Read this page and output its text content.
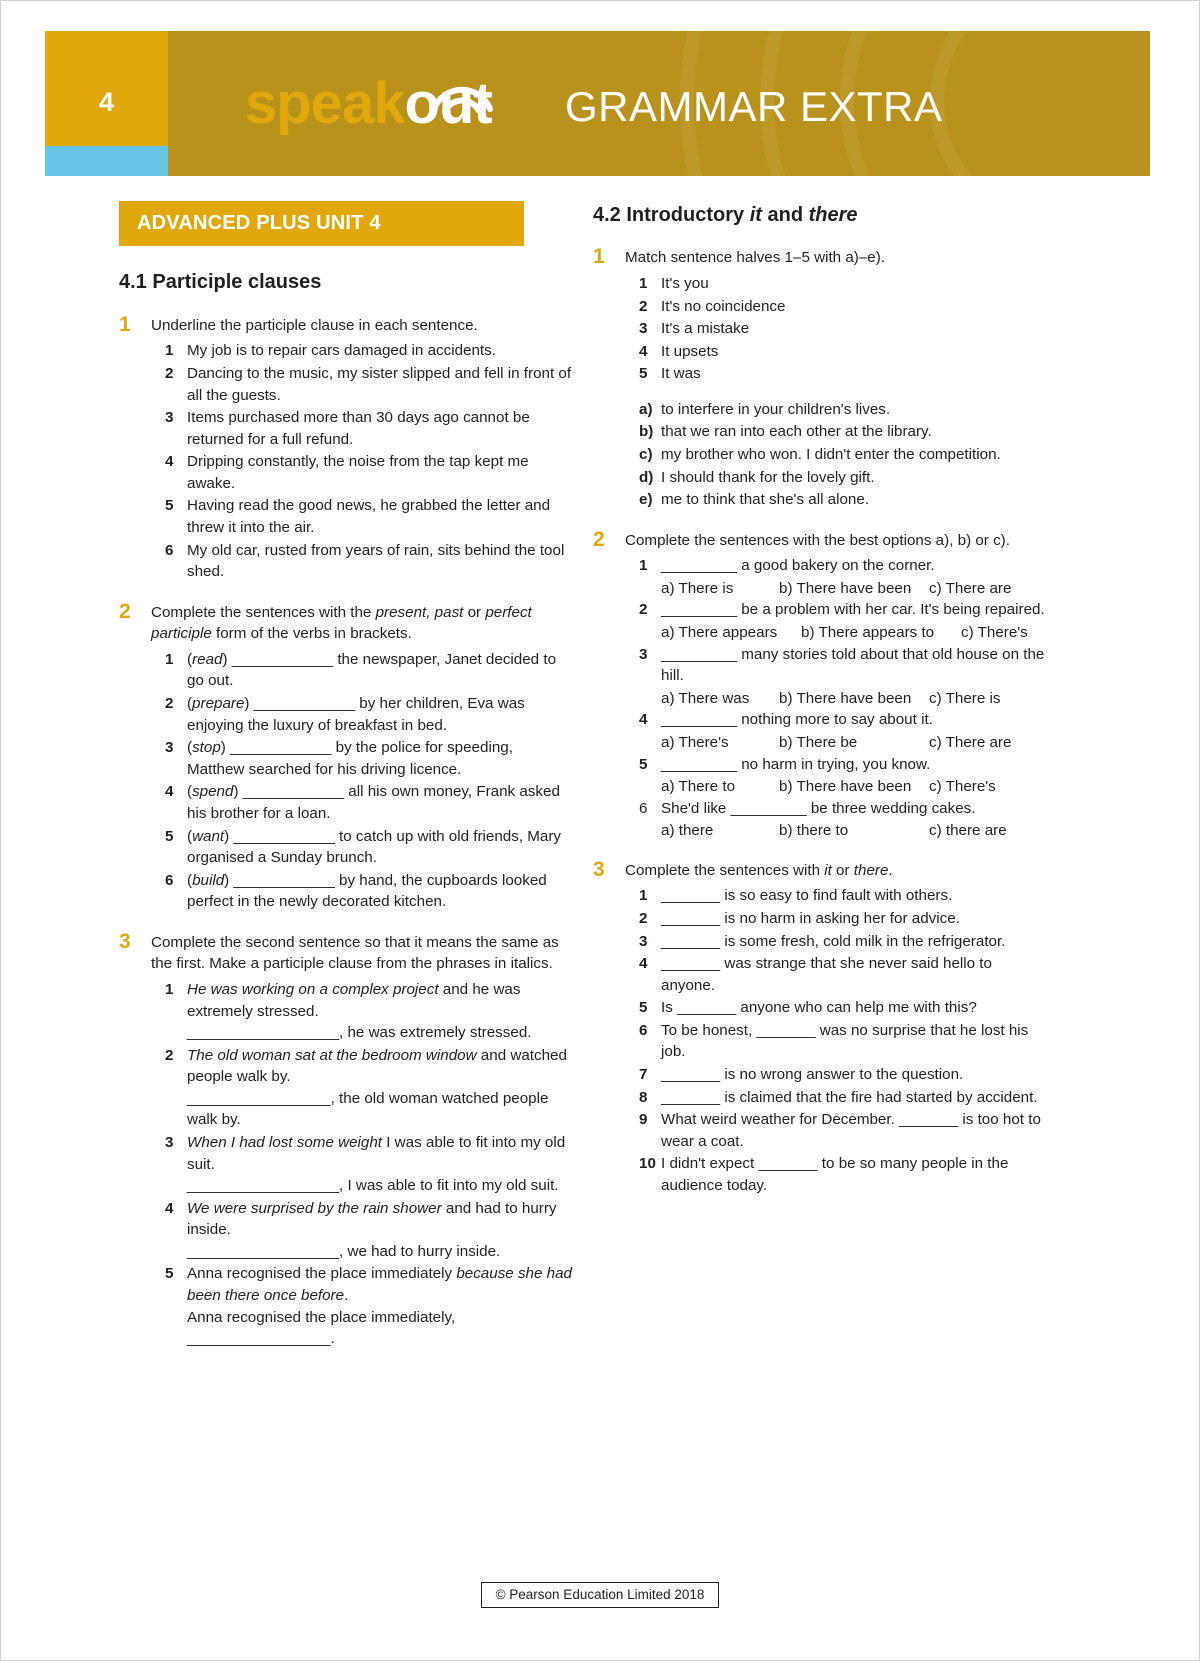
4	speakout GRAMMAR EXTRA
ADVANCED PLUS UNIT 4
4.1 Participle clauses
1	Underline the participle clause in each sentence.
1 My job is to repair cars damaged in accidents.
2 Dancing to the music, my sister slipped and fell in front of all the guests.
3 Items purchased more than 30 days ago cannot be returned for a full refund.
4 Dripping constantly, the noise from the tap kept me awake.
5 Having read the good news, he grabbed the letter and threw it into the air.
6 My old car, rusted from years of rain, sits behind the tool shed.
2	Complete the sentences with the present, past or perfect participle form of the verbs in brackets.
1 (read) ____________ the newspaper, Janet decided to go out.
2 (prepare) ____________ by her children, Eva was enjoying the luxury of breakfast in bed.
3 (stop) ____________ by the police for speeding, Matthew searched for his driving licence.
4 (spend) ____________ all his own money, Frank asked his brother for a loan.
5 (want) ____________ to catch up with old friends, Mary organised a Sunday brunch.
6 (build) ____________ by hand, the cupboards looked perfect in the newly decorated kitchen.
3	Complete the second sentence so that it means the same as the first. Make a participle clause from the phrases in italics.
1 He was working on a complex project and he was extremely stressed.
__________________, he was extremely stressed.
2 The old woman sat at the bedroom window and watched people walk by.
_________________, the old woman watched people walk by.
3 When I had lost some weight I was able to fit into my old suit.
__________________, I was able to fit into my old suit.
4 We were surprised by the rain shower and had to hurry inside.
__________________, we had to hurry inside.
5 Anna recognised the place immediately because she had been there once before.
Anna recognised the place immediately, _________________.
4.2 Introductory it and there
1	Match sentence halves 1–5 with a)–e).
1 It's you
2 It's no coincidence
3 It's a mistake
4 It upsets
5 It was
a) to interfere in your children's lives.
b) that we ran into each other at the library.
c) my brother who won. I didn't enter the competition.
d) I should thank for the lovely gift.
e) me to think that she's all alone.
2	Complete the sentences with the best options a), b) or c).
1 _________ a good bakery on the corner.
a) There is	b) There have been	c) There are
2 _________ be a problem with her car. It's being repaired.
a) There appears	b) There appears to	c) There's
3 _________ many stories told about that old house on the hill.
a) There was	b) There have been	c) There is
4 _________ nothing more to say about it.
a) There's	b) There be	c) There are
5 _________ no harm in trying, you know.
a) There to	b) There have been	c) There's
6 She'd like _________ be three wedding cakes.
a) there	b) there to	c) there are
3	Complete the sentences with it or there.
1 _______ is so easy to find fault with others.
2 _______ is no harm in asking her for advice.
3 _______ is some fresh, cold milk in the refrigerator.
4 _______ was strange that she never said hello to anyone.
5 Is _______ anyone who can help me with this?
6 To be honest, _______ was no surprise that he lost his job.
7 _______ is no wrong answer to the question.
8 _______ is claimed that the fire had started by accident.
9 What weird weather for December. _______ is too hot to wear a coat.
10 I didn't expect _______ to be so many people in the audience today.
© Pearson Education Limited 2018
